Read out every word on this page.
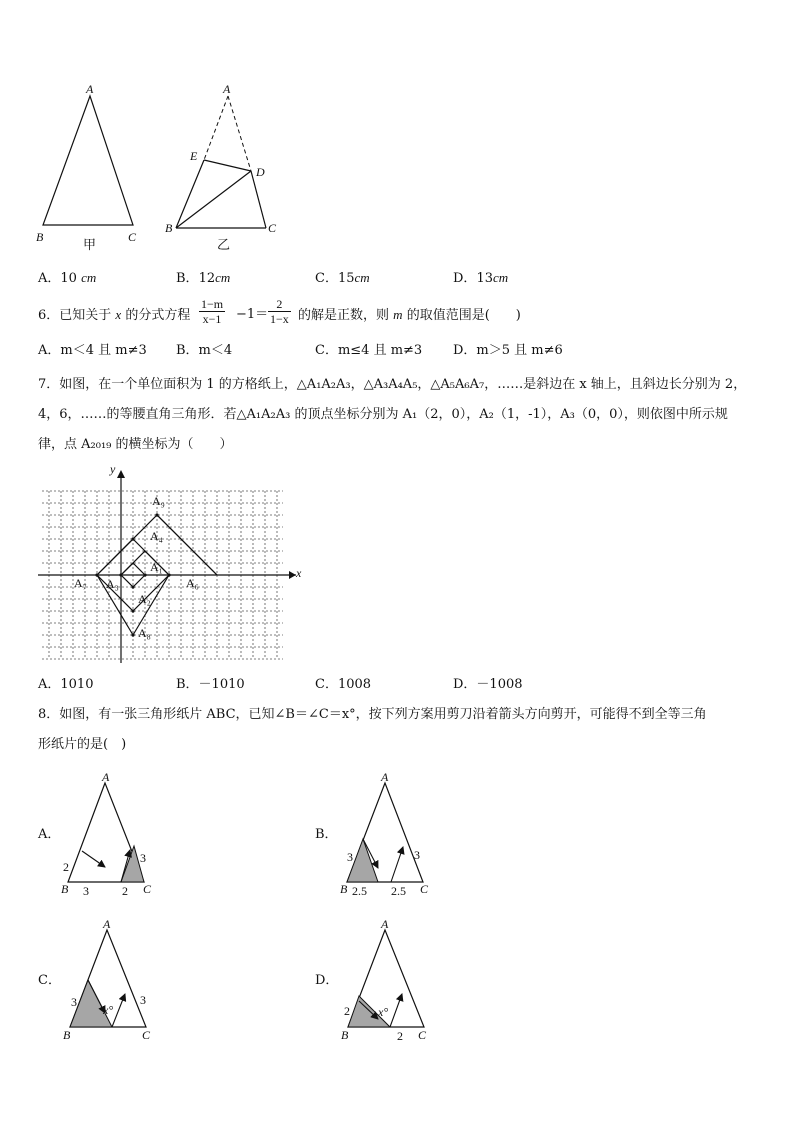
A
B	C
甲
A
E
D
B	C
乙
A．10 cm	B．12cm	C．15cm	D．13cm
6．已知关于 x 的分式方程 $\frac{1-m}{x-1} -1= \frac{2}{1-x}$ 的解是正数，则 m 的取值范围是(　　)
A．m＜4 且 m≠3 B．m＜4	C．m≤4 且 m≠3 D．m＞5 且 m≠6
7．如图，在一个单位面积为 1 的方格纸上，△A₁A₂A₃，△A₃A₄A₅，△A₅A₆A₇，……是斜边在 x 轴上，且斜边长分别为 2，
4，6，……的等腰直角三角形．若△A₁A₂A₃ 的顶点坐标分别为 A₁（2，0），A₂（1，-1），A₃（0，0），则依图中所示规
律，点 A₂₀₁₉ 的横坐标为（　　）
y
x
A₉
A₄
A₁
A₇ A₃	A₆
A₂
A₈
A．1010	B．－1010	C．1008	D．－1008
8．如图，有一张三角形纸片 ABC，已知∠B＝∠C＝x°，按下列方案用剪刀沿着箭头方向剪开，可能得不到全等三角
形纸片的是(　)
A．
A
2
B 3	2 C
3
B．
A
3
B 2.5 2.5 C
3
C．
A
3
x°
3
B	C
D．
A
2 x°
B	2 C
